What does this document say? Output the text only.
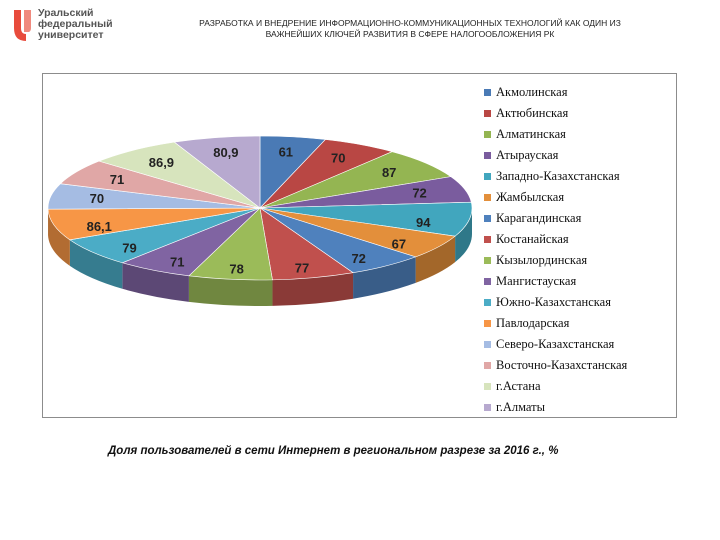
Уральский
федеральный
университет
РАЗРАБОТКА И ВНЕДРЕНИЕ ИНФОРМАЦИОННО-КОММУНИКАЦИОННЫХ ТЕХНОЛОГИЙ КАК ОДИН ИЗ
ВАЖНЕЙШИХ КЛЮЧЕЙ РАЗВИТИЯ В СФЕРЕ НАЛОГООБЛОЖЕНИЯ РК
61	70
87
72
94
67
72
77
78
71
79
86,1
70
71
86,9
80,9
Акмолинская
Актюбинская
Алматинская
Атырауская
Западно-Казахстанская
Жамбылская
Карагандинская
Костанайская
Кызылординская
Мангистауская
Южно-Казахстанская
Павлодарская
Северо-Казахстанская
Восточно-Казахстанская
г.Астана
г.Алматы
Доля пользователей в сети Интернет в региональном разрезе за 2016 г., %
